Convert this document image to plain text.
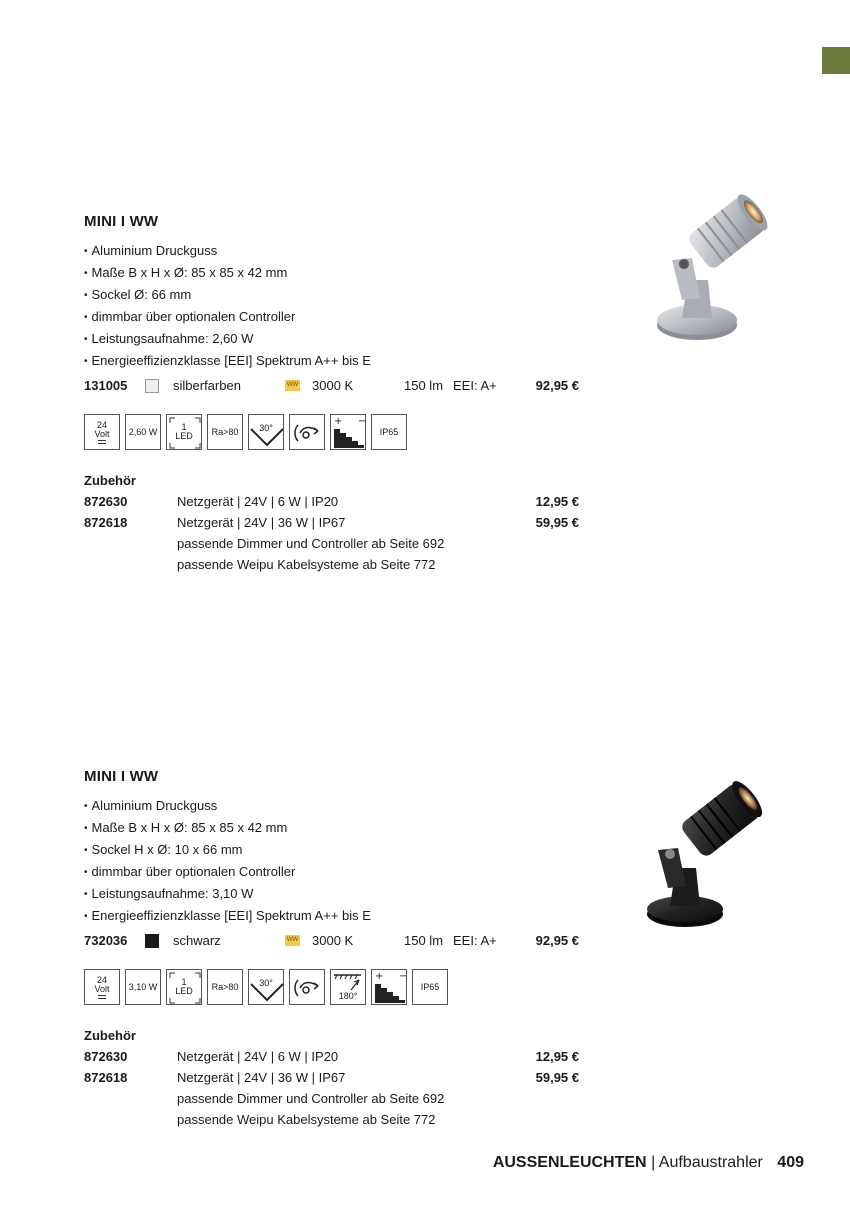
MINI I WW
• Aluminium Druckguss
• Maße B x H x Ø: 85 x 85 x 42 mm
• Sockel Ø: 66 mm
• dimmbar über optionalen Controller
• Leistungsaufnahme: 2,60 W
• Energieeffizienzklasse [EEI] Spektrum A++ bis E
131005	silberfarben	WW 3000 K	150 lm EEI: A+	92,95 €
24
Volt 2,60 W	1
LED Ra>80 30°
+ −
IP65
Zubehör
872630	Netzgerät | 24V | 6 W | IP20	12,95 €
872618	Netzgerät | 24V | 36 W | IP67	59,95 €
passende Dimmer und Controller ab Seite 692
passende Weipu Kabelsysteme ab Seite 772
MINI I WW
• Aluminium Druckguss
• Maße B x H x Ø: 85 x 85 x 42 mm
• Sockel H x Ø: 10 x 66 mm
• dimmbar über optionalen Controller
• Leistungsaufnahme: 3,10 W
• Energieeffizienzklasse [EEI] Spektrum A++ bis E
732036	schwarz	WW 3000 K	150 lm EEI: A+	92,95 €
24
Volt 3,10 W	1
LED Ra>80 30°
180°
+ −
IP65
Zubehör
872630	Netzgerät | 24V | 6 W | IP20	12,95 €
872618	Netzgerät | 24V | 36 W | IP67	59,95 €
passende Dimmer und Controller ab Seite 692
passende Weipu Kabelsysteme ab Seite 772
AUSSENLEUCHTEN | Aufbaustrahler 409
